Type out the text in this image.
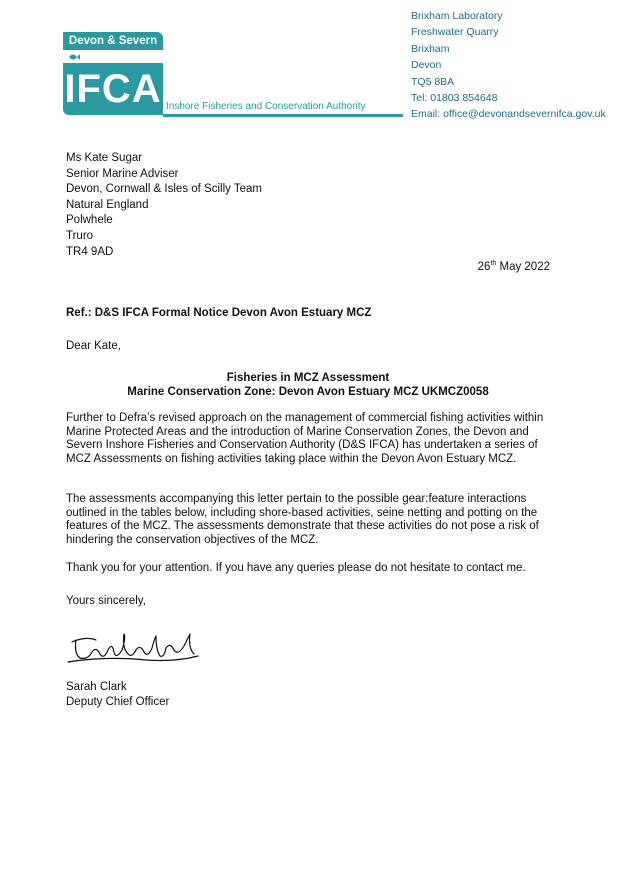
Devon & Severn
IFCA Inshore Fisheries and Conservation Authority
Brixham Laboratory
Freshwater Quarry
Brixham
Devon
TQ5 8BA
Tel: 01803 854648
Email: office@devonandsevernifca.gov.uk
Ms Kate Sugar
Senior Marine Adviser
Devon, Cornwall & Isles of Scilly Team
Natural England
Polwhele
Truro
TR4 9AD
26th May 2022
Ref.: D&S IFCA Formal Notice Devon Avon Estuary MCZ
Dear Kate,
Fisheries in MCZ Assessment
Marine Conservation Zone: Devon Avon Estuary MCZ UKMCZ0058
Further to Defra’s revised approach on the management of commercial fishing activities within Marine Protected Areas and the introduction of Marine Conservation Zones, the Devon and Severn Inshore Fisheries and Conservation Authority (D&S IFCA) has undertaken a series of MCZ Assessments on fishing activities taking place within the Devon Avon Estuary MCZ.
The assessments accompanying this letter pertain to the possible gear:feature interactions outlined in the tables below, including shore-based activities, seine netting and potting on the features of the MCZ. The assessments demonstrate that these activities do not pose a risk of hindering the conservation objectives of the MCZ.
Thank you for your attention. If you have any queries please do not hesitate to contact me.
Yours sincerely,
Sarah Clark
Deputy Chief Officer
